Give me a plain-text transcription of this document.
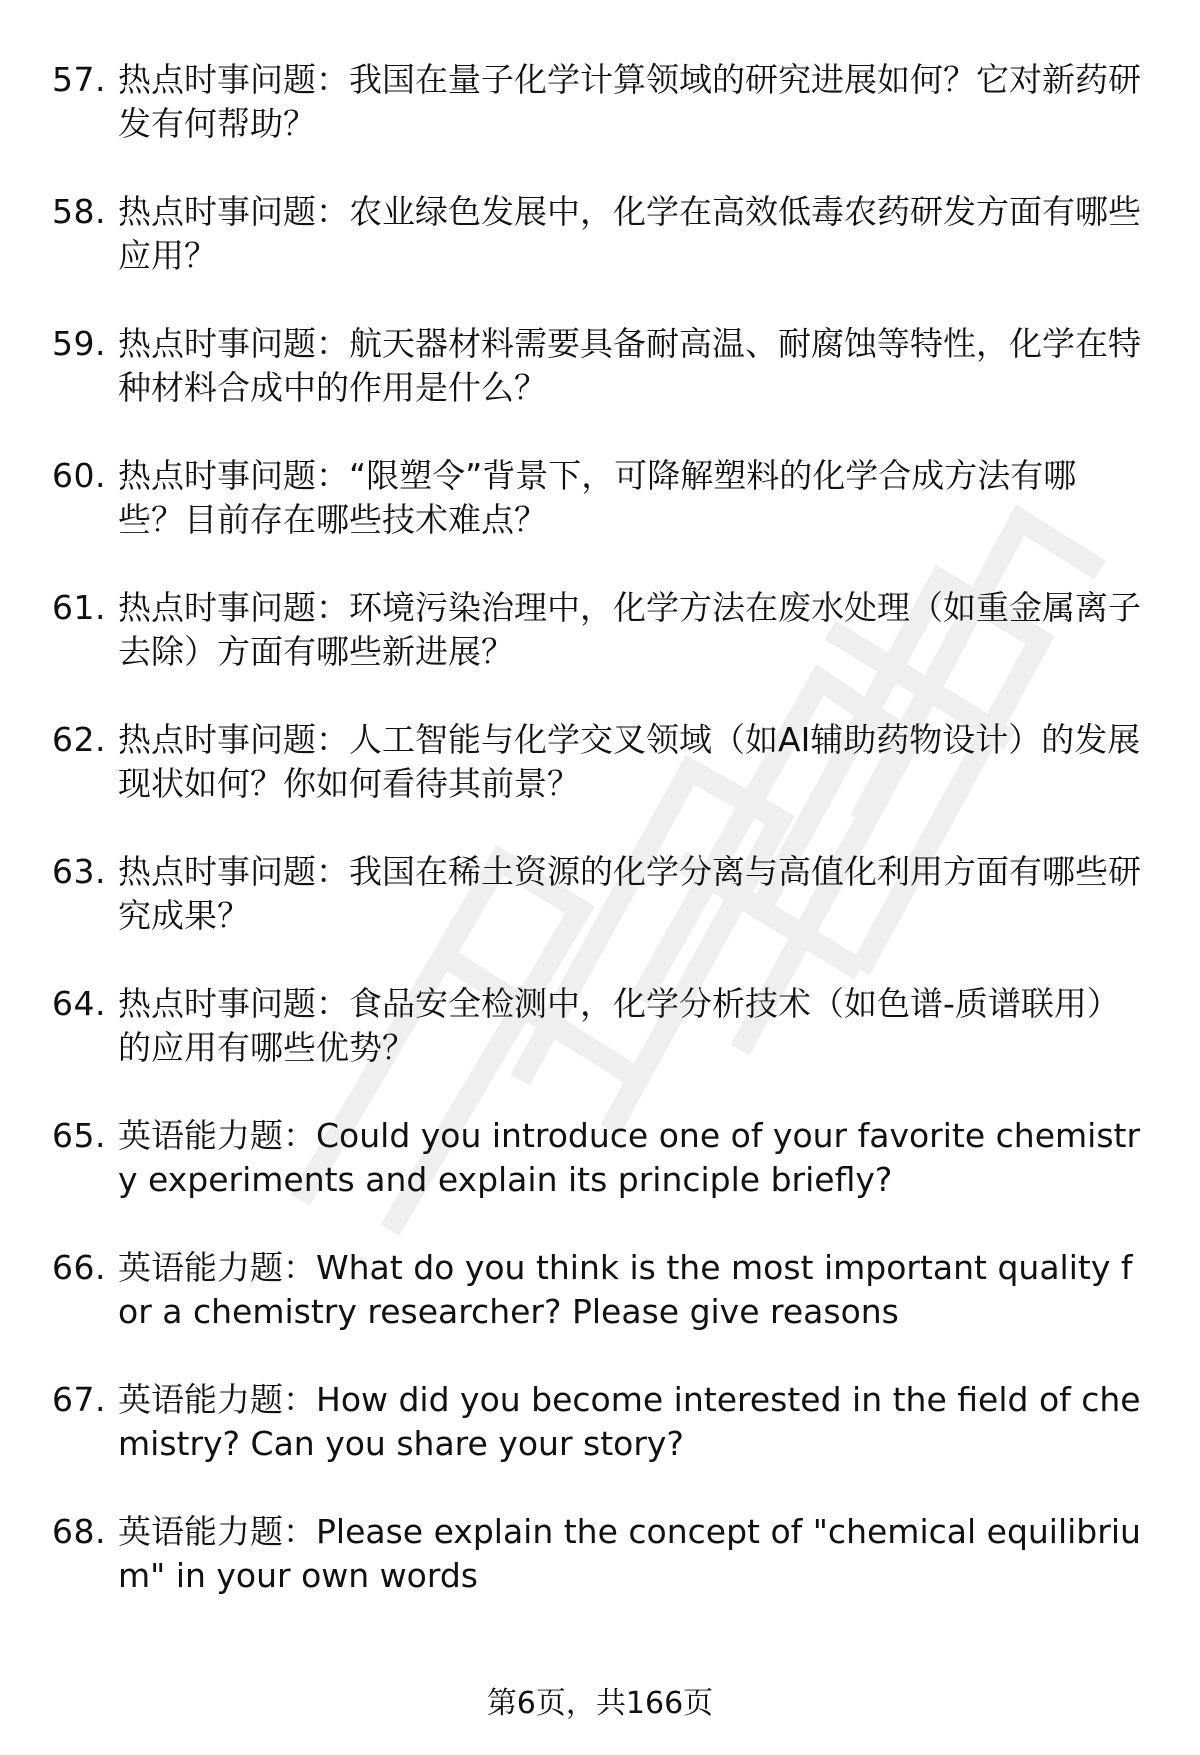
57. 热点时事问题：我国在量子化学计算领域的研究进展如何？它对新药研发有何帮助？
58. 热点时事问题：农业绿色发展中，化学在高效低毒农药研发方面有哪些应用？
59. 热点时事问题：航天器材料需要具备耐高温、耐腐蚀等特性，化学在特种材料合成中的作用是什么？
60. 热点时事问题：“限塑令”背景下，可降解塑料的化学合成方法有哪些？目前存在哪些技术难点？
61. 热点时事问题：环境污染治理中，化学方法在废水处理（如重金属离子去除）方面有哪些新进展？
62. 热点时事问题：人工智能与化学交叉领域（如AI辅助药物设计）的发展现状如何？你如何看待其前景？
63. 热点时事问题：我国在稀土资源的化学分离与高值化利用方面有哪些研究成果？
64. 热点时事问题：食品安全检测中，化学分析技术（如色谱-质谱联用）的应用有哪些优势？
65. 英语能力题：Could you introduce one of your favorite chemistry experiments and explain its principle briefly?
66. 英语能力题：What do you think is the most important quality for a chemistry researcher? Please give reasons
67. 英语能力题：How did you become interested in the field of chemistry? Can you share your story?
68. 英语能力题：Please explain the concept of "chemical equilibrium" in your own words
第6页，共166页
